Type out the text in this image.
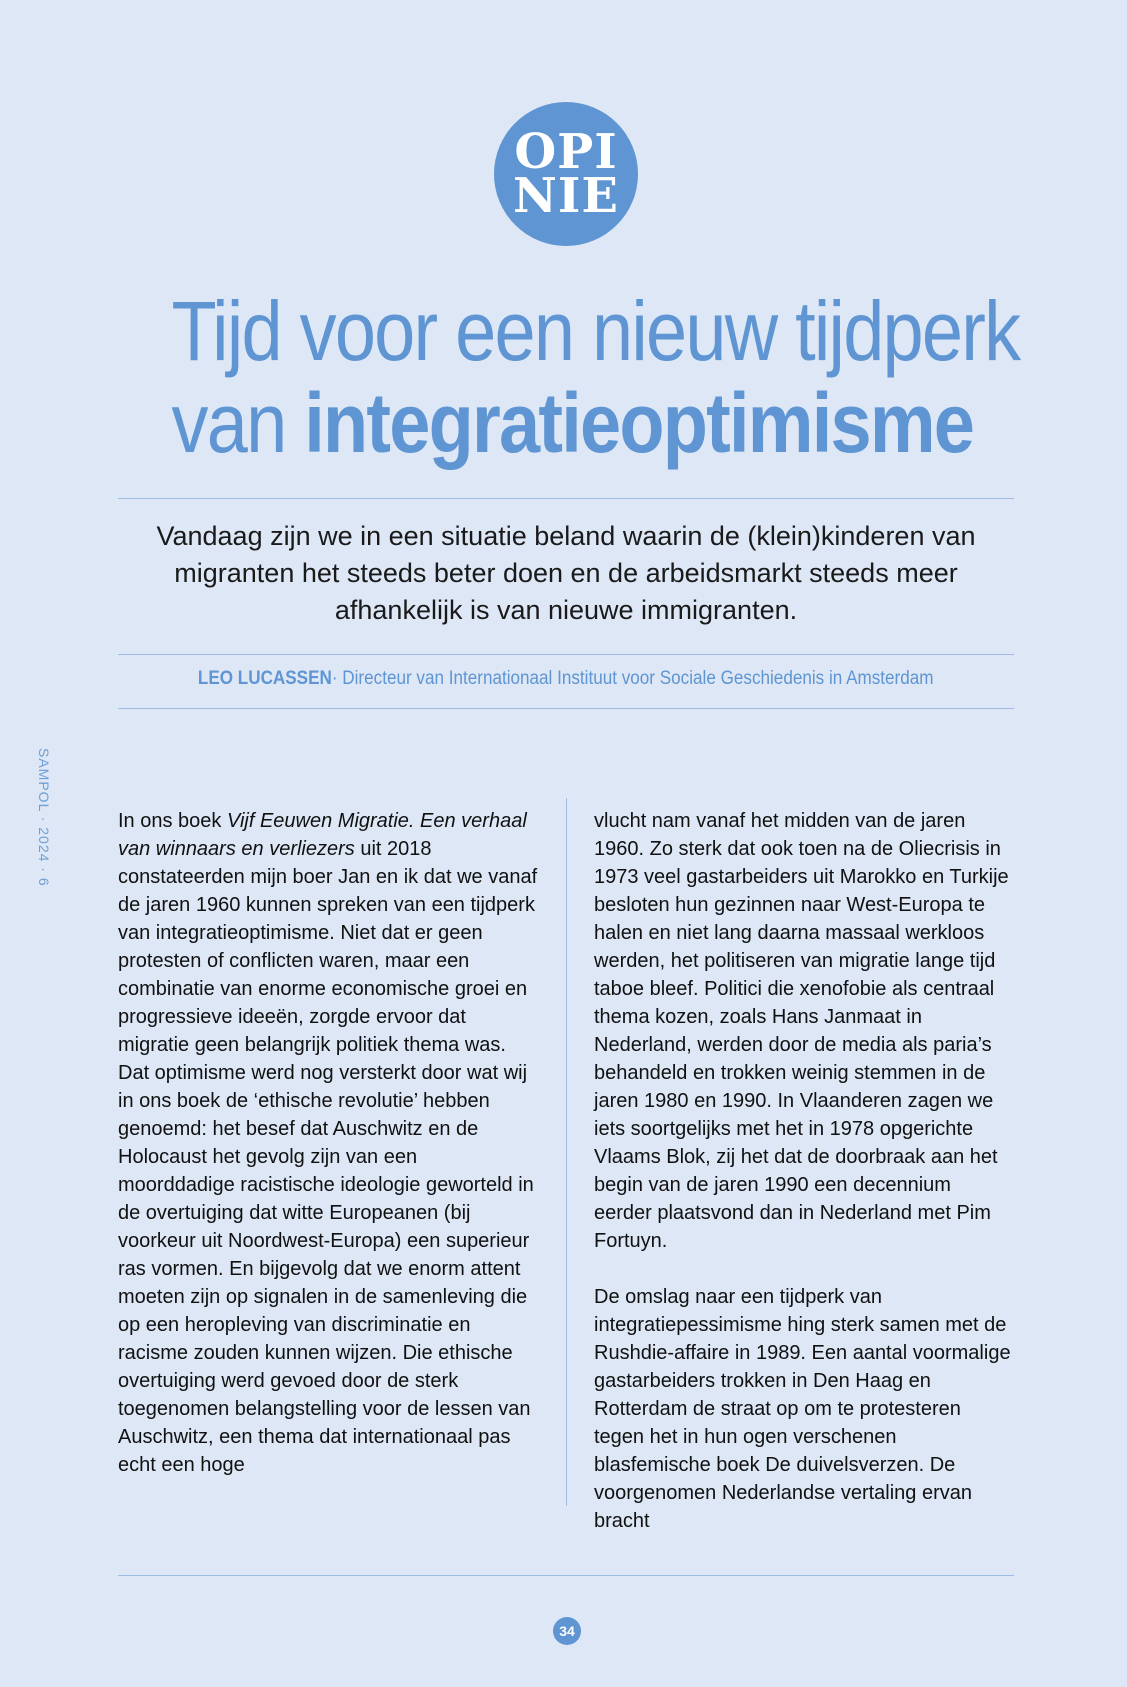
OPI
NIE
Tijd voor een nieuw tijdperk
van integratieoptimisme
Vandaag zijn we in een situatie beland waarin de (klein)kinderen van migranten het steeds beter doen en de arbeidsmarkt steeds meer afhankelijk is van nieuwe immigranten.
LEO LUCASSEN· Directeur van Internationaal Instituut voor Sociale Geschiedenis in Amsterdam
SAMPOL · 2024 · 6	In ons boek Vijf Eeuwen Migratie. Een verhaal van winnaars en verliezers uit 2018 constateerden mijn boer Jan en ik dat we vanaf de jaren 1960 kunnen spreken van een tijdperk van integratieoptimisme. Niet dat er geen protesten of conflicten waren, maar een combinatie van enorme economische groei en progressieve ideeën, zorgde ervoor dat migratie geen belangrijk politiek thema was.

Dat optimisme werd nog versterkt door wat wij in ons boek de ‘ethische revolutie’ hebben genoemd: het besef dat Auschwitz en de Holocaust het gevolg zijn van een moorddadige racistische ideologie geworteld in de overtuiging dat witte Europeanen (bij voorkeur uit Noordwest-Europa) een superieur ras vormen. En bijgevolg dat we enorm attent moeten zijn op signalen in de samenleving die op een heropleving van discriminatie en racisme zouden kunnen wijzen. Die ethische overtuiging werd gevoed door de sterk toegenomen belangstelling voor de lessen van Auschwitz, een thema dat internationaal pas echt een hoge

vlucht nam vanaf het midden van de jaren 1960. Zo sterk dat ook toen na de Oliecrisis in 1973 veel gastarbeiders uit Marokko en Turkije besloten hun gezinnen naar West-Europa te halen en niet lang daarna massaal werkloos werden, het politiseren van migratie lange tijd taboe bleef. Politici die xenofobie als centraal thema kozen, zoals Hans Janmaat in Nederland, werden door de media als paria’s behandeld en trokken weinig stemmen in de jaren 1980 en 1990. In Vlaanderen zagen we iets soortgelijks met het in 1978 opgerichte Vlaams Blok, zij het dat de doorbraak aan het begin van de jaren 1990 een decennium eerder plaatsvond dan in Nederland met Pim Fortuyn.

De omslag naar een tijdperk van integratiepessimisme hing sterk samen met de Rushdie-affaire in 1989. Een aantal voormalige gastarbeiders trokken in Den Haag en Rotterdam de straat op om te protesteren tegen het in hun ogen verschenen blasfemische boek De duivelsverzen. De voorgenomen Nederlandse vertaling ervan bracht

34
